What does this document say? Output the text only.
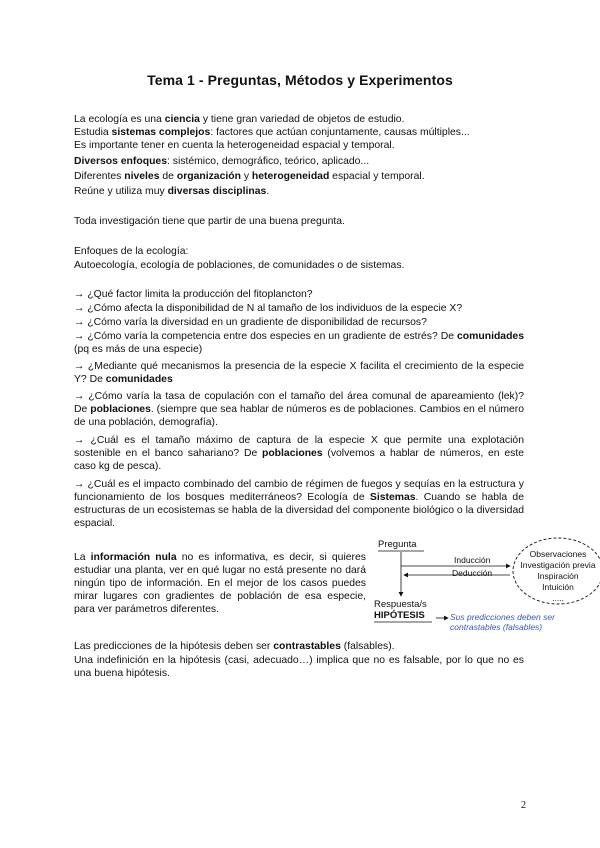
Tema 1 - Preguntas, Métodos y Experimentos
La ecología es una ciencia y tiene gran variedad de objetos de estudio.
Estudia sistemas complejos: factores que actúan conjuntamente, causas múltiples...
Es importante tener en cuenta la heterogeneidad espacial y temporal.
Diversos enfoques: sistémico, demográfico, teórico, aplicado...
Diferentes niveles de organización y heterogeneidad espacial y temporal.
Reúne y utiliza muy diversas disciplinas.
Toda investigación tiene que partir de una buena pregunta.
Enfoques de la ecología:
Autoecología, ecología de poblaciones, de comunidades o de sistemas.
→ ¿Qué factor limita la producción del fitoplancton?
→ ¿Cómo afecta la disponibilidad de N al tamaño de los individuos de la especie X?
→ ¿Cómo varía la diversidad en un gradiente de disponibilidad de recursos?
→ ¿Cómo varía la competencia entre dos especies en un gradiente de estrés? De comunidades (pq es más de una especie)
→ ¿Mediante qué mecanismos la presencia de la especie X facilita el crecimiento de la especie Y? De comunidades
→ ¿Cómo varía la tasa de copulación con el tamaño del área comunal de apareamiento (lek)? De poblaciones. (siempre que sea hablar de números es de poblaciones. Cambios en el número de una población, demografía).
→ ¿Cuál es el tamaño máximo de captura de la especie X que permite una explotación sostenible en el banco sahariano? De poblaciones (volvemos a hablar de números, en este caso kg de pesca).
→ ¿Cuál es el impacto combinado del cambio de régimen de fuegos y sequías en la estructura y funcionamiento de los bosques mediterráneos? Ecología de Sistemas. Cuando se habla de estructuras de un ecosistemas se habla de la diversidad del componente biológico o la diversidad espacial.
La información nula no es informativa, es decir, si quieres estudiar una planta, ver en qué lugar no está presente no dará ningún tipo de información. En el mejor de los casos puedes mirar lugares con gradientes de población de esa especie, para ver parámetros diferentes.
Pregunta
Inducción
Deducción
Respuesta/s
HIPÓTESIS	Sus predicciones deben ser
contrastables (falsables)
Observaciones
Investigación previa
Inspiración
Intuición
.....
Las predicciones de la hipótesis deben ser contrastables (falsables).
Una indefinición en la hipótesis (casi, adecuado…) implica que no es falsable, por lo que no es una buena hipótesis.
2
